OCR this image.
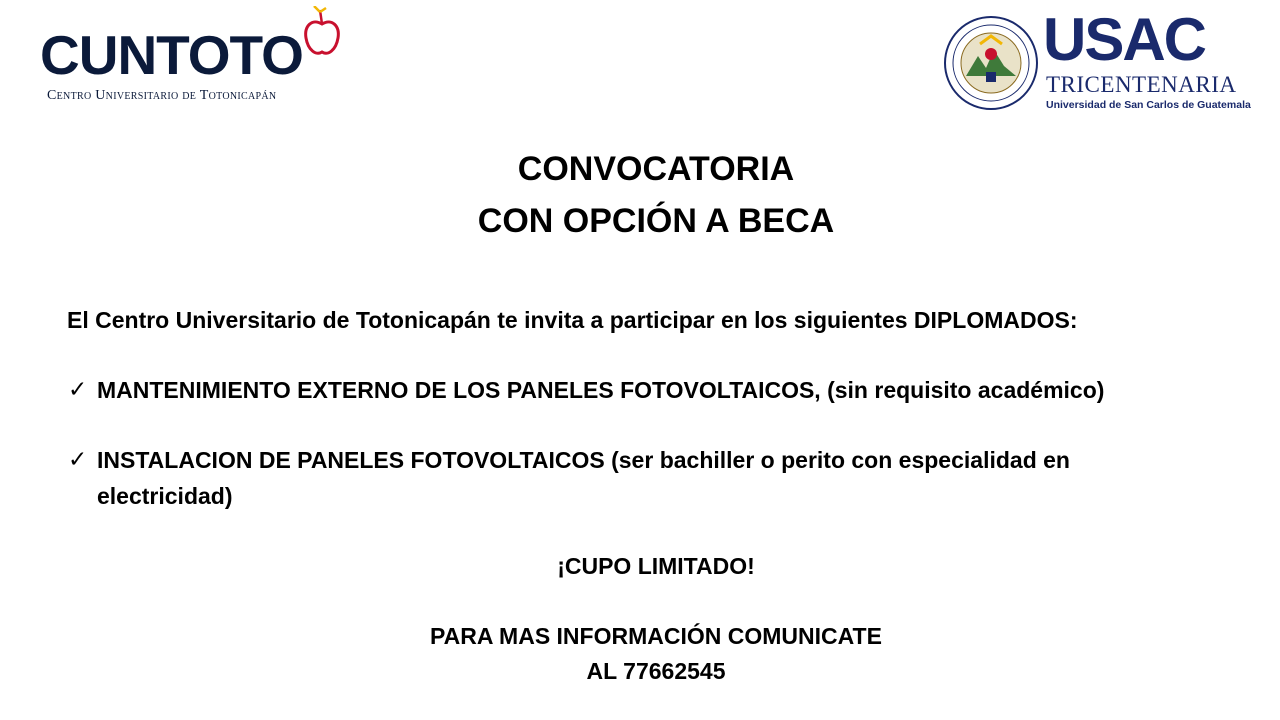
CUNTOTO
Centro Universitario de Totonicapán
USAC
TRICENTENARIA
Universidad de San Carlos de Guatemala
CONVOCATORIA
CON OPCIÓN A BECA
El Centro Universitario de Totonicapán te invita a participar en los siguientes DIPLOMADOS:
✓ MANTENIMIENTO EXTERNO DE LOS PANELES FOTOVOLTAICOS, (sin requisito académico)
✓ INSTALACION DE PANELES FOTOVOLTAICOS (ser bachiller o perito con especialidad en
electricidad)
¡CUPO LIMITADO!
PARA MAS INFORMACIÓN COMUNICATE
AL 77662545
